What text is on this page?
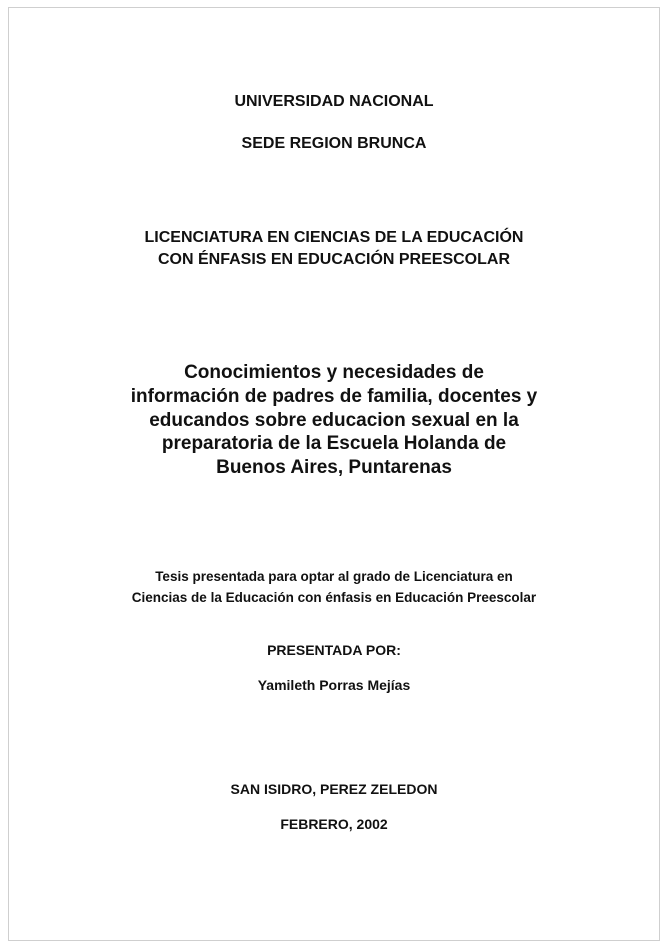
UNIVERSIDAD NACIONAL
SEDE REGION BRUNCA
LICENCIATURA EN CIENCIAS DE LA EDUCACIÓN
CON ÉNFASIS EN EDUCACIÓN PREESCOLAR
Conocimientos y necesidades de
información de padres de familia, docentes y
educandos sobre educacion sexual en la
preparatoria de la Escuela Holanda de
Buenos Aires, Puntarenas
Tesis presentada para optar al grado de Licenciatura en
Ciencias de la Educación con énfasis en Educación Preescolar
PRESENTADA POR:
Yamileth Porras Mejías
SAN ISIDRO, PEREZ ZELEDON
FEBRERO, 2002
